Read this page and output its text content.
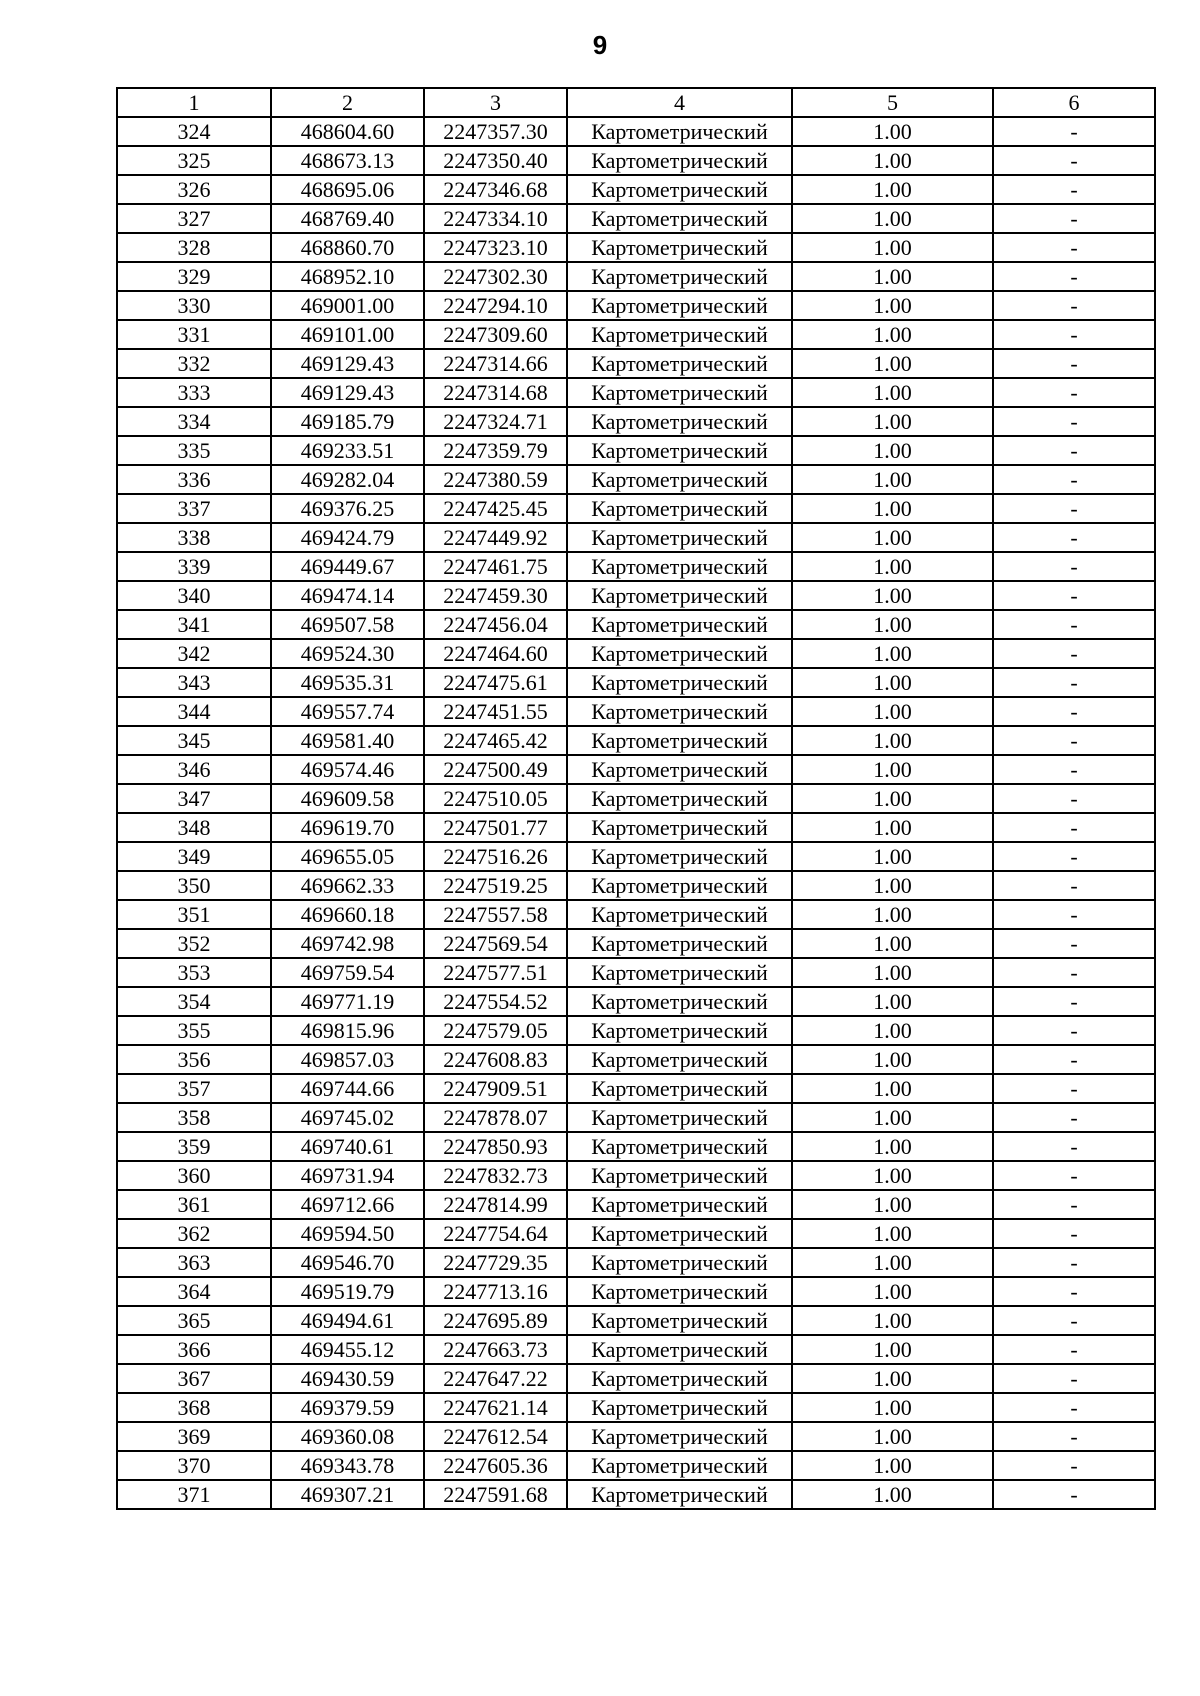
9
1	2	3	4	5	6
324	468604.60	2247357.30	Картометрический	1.00	-
325	468673.13	2247350.40	Картометрический	1.00	-
326	468695.06	2247346.68	Картометрический	1.00	-
327	468769.40	2247334.10	Картометрический	1.00	-
328	468860.70	2247323.10	Картометрический	1.00	-
329	468952.10	2247302.30	Картометрический	1.00	-
330	469001.00	2247294.10	Картометрический	1.00	-
331	469101.00	2247309.60	Картометрический	1.00	-
332	469129.43	2247314.66	Картометрический	1.00	-
333	469129.43	2247314.68	Картометрический	1.00	-
334	469185.79	2247324.71	Картометрический	1.00	-
335	469233.51	2247359.79	Картометрический	1.00	-
336	469282.04	2247380.59	Картометрический	1.00	-
337	469376.25	2247425.45	Картометрический	1.00	-
338	469424.79	2247449.92	Картометрический	1.00	-
339	469449.67	2247461.75	Картометрический	1.00	-
340	469474.14	2247459.30	Картометрический	1.00	-
341	469507.58	2247456.04	Картометрический	1.00	-
342	469524.30	2247464.60	Картометрический	1.00	-
343	469535.31	2247475.61	Картометрический	1.00	-
344	469557.74	2247451.55	Картометрический	1.00	-
345	469581.40	2247465.42	Картометрический	1.00	-
346	469574.46	2247500.49	Картометрический	1.00	-
347	469609.58	2247510.05	Картометрический	1.00	-
348	469619.70	2247501.77	Картометрический	1.00	-
349	469655.05	2247516.26	Картометрический	1.00	-
350	469662.33	2247519.25	Картометрический	1.00	-
351	469660.18	2247557.58	Картометрический	1.00	-
352	469742.98	2247569.54	Картометрический	1.00	-
353	469759.54	2247577.51	Картометрический	1.00	-
354	469771.19	2247554.52	Картометрический	1.00	-
355	469815.96	2247579.05	Картометрический	1.00	-
356	469857.03	2247608.83	Картометрический	1.00	-
357	469744.66	2247909.51	Картометрический	1.00	-
358	469745.02	2247878.07	Картометрический	1.00	-
359	469740.61	2247850.93	Картометрический	1.00	-
360	469731.94	2247832.73	Картометрический	1.00	-
361	469712.66	2247814.99	Картометрический	1.00	-
362	469594.50	2247754.64	Картометрический	1.00	-
363	469546.70	2247729.35	Картометрический	1.00	-
364	469519.79	2247713.16	Картометрический	1.00	-
365	469494.61	2247695.89	Картометрический	1.00	-
366	469455.12	2247663.73	Картометрический	1.00	-
367	469430.59	2247647.22	Картометрический	1.00	-
368	469379.59	2247621.14	Картометрический	1.00	-
369	469360.08	2247612.54	Картометрический	1.00	-
370	469343.78	2247605.36	Картометрический	1.00	-
371	469307.21	2247591.68	Картометрический	1.00	-
